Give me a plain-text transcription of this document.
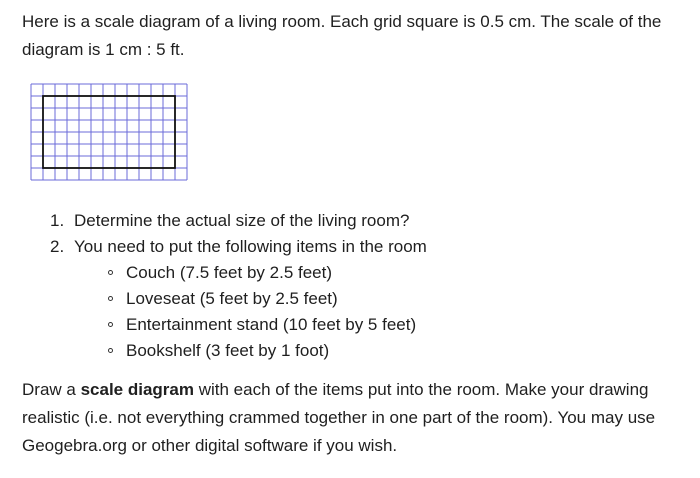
Here is a scale diagram of a living room. Each grid square is 0.5 cm. The scale of the diagram is 1 cm : 5 ft.

1. Determine the actual size of the living room?
2. You need to put the following items in the room
Couch (7.5 feet by 2.5 feet)
Loveseat (5 feet by 2.5 feet)
Entertainment stand (10 feet by 5 feet)
Bookshelf (3 feet by 1 foot)

Draw a scale diagram with each of the items put into the room. Make your drawing realistic (i.e. not everything crammed together in one part of the room). You may use Geogebra.org or other digital software if you wish.
